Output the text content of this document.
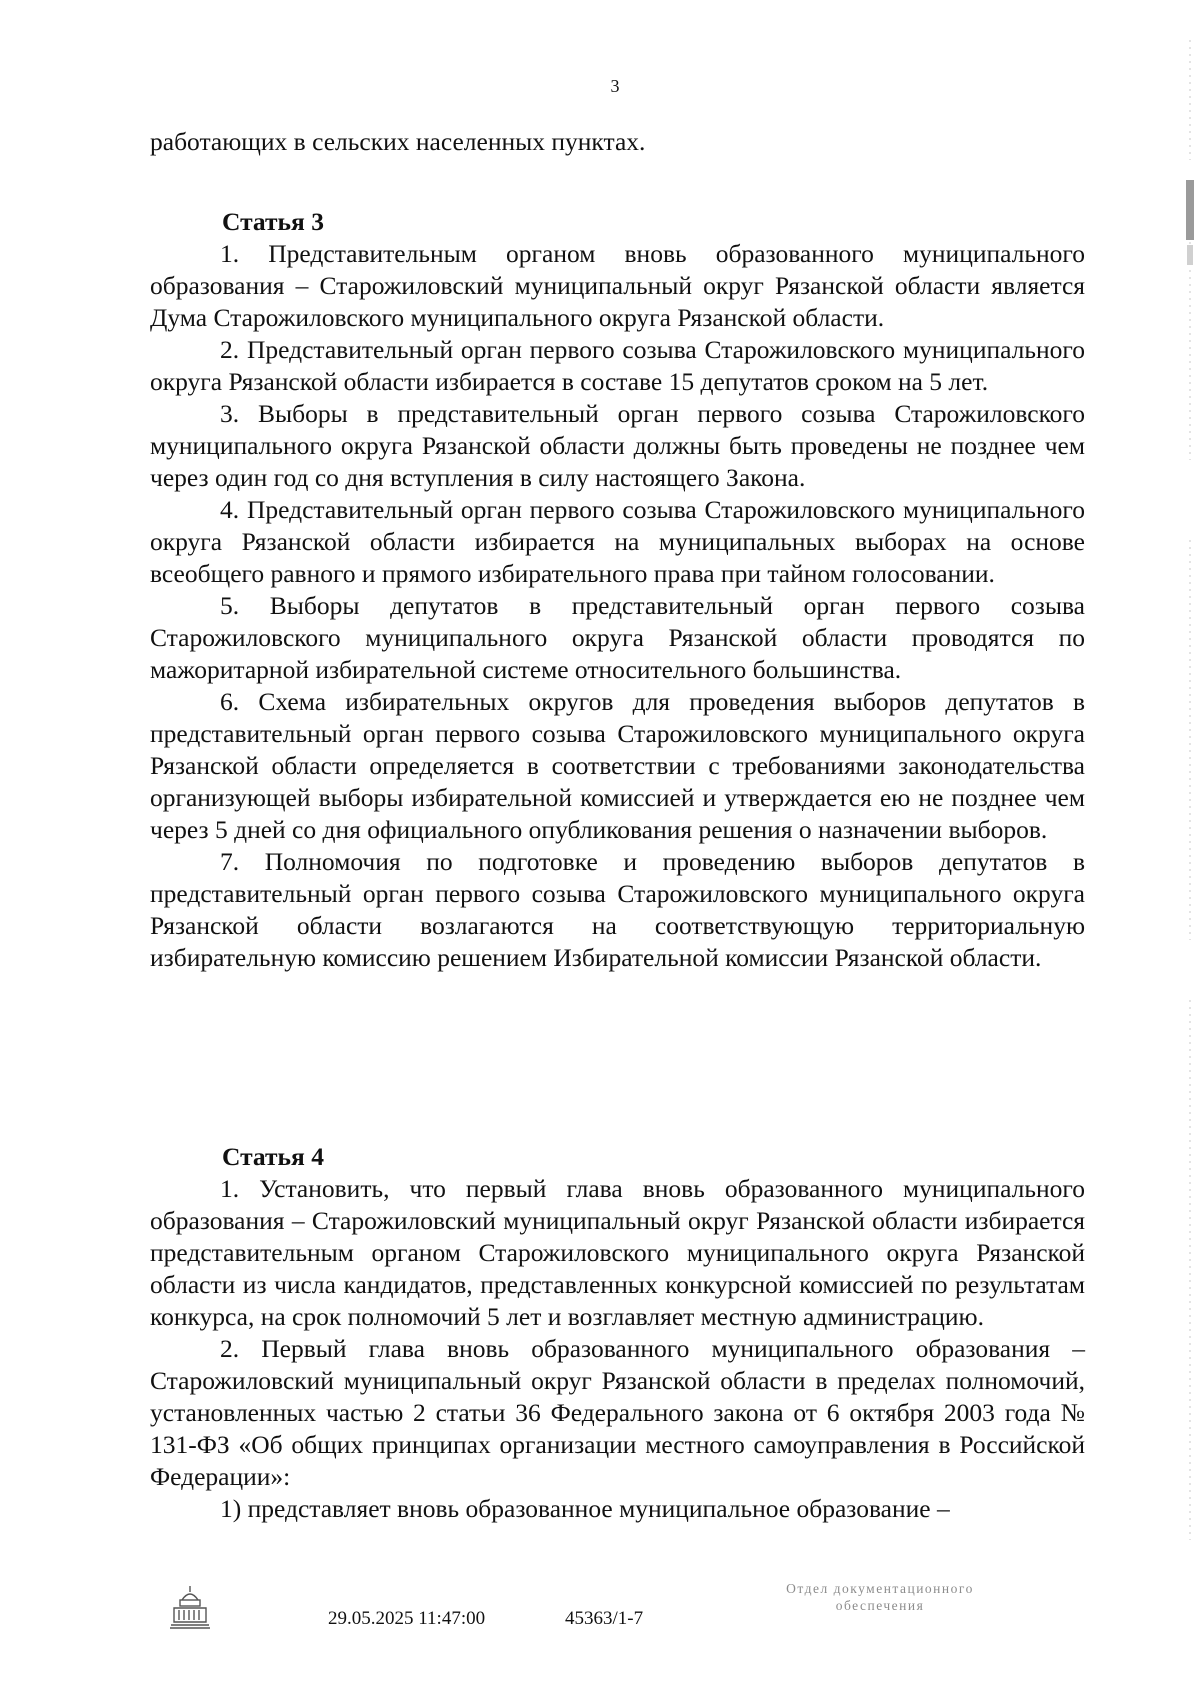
3

работающих в сельских населенных пунктах.

Статья 3

1. Представительным органом вновь образованного муниципального образования – Старожиловский муниципальный округ Рязанской области является Дума Старожиловского муниципального округа Рязанской области.

2. Представительный орган первого созыва Старожиловского муниципального округа Рязанской области избирается в составе 15 депутатов сроком на 5 лет.

3. Выборы в представительный орган первого созыва Старожиловского муниципального округа Рязанской области должны быть проведены не позднее чем через один год со дня вступления в силу настоящего Закона.

4. Представительный орган первого созыва Старожиловского муниципального округа Рязанской области избирается на муниципальных выборах на основе всеобщего равного и прямого избирательного права при тайном голосовании.

5. Выборы депутатов в представительный орган первого созыва Старожиловского муниципального округа Рязанской области проводятся по мажоритарной избирательной системе относительного большинства.

6. Схема избирательных округов для проведения выборов депутатов в представительный орган первого созыва Старожиловского муниципального округа Рязанской области определяется в соответствии с требованиями законодательства организующей выборы избирательной комиссией и утверждается ею не позднее чем через 5 дней со дня официального опубликования решения о назначении выборов.

7. Полномочия по подготовке и проведению выборов депутатов в представительный орган первого созыва Старожиловского муниципального округа Рязанской области возлагаются на соответствующую территориальную избирательную комиссию решением Избирательной комиссии Рязанской области.

Статья 4

1. Установить, что первый глава вновь образованного муниципального образования – Старожиловский муниципальный округ Рязанской области избирается представительным органом Старожиловского муниципального округа Рязанской области из числа кандидатов, представленных конкурсной комиссией по результатам конкурса, на срок полномочий 5 лет и возглавляет местную администрацию.

2. Первый глава вновь образованного муниципального образования – Старожиловский муниципальный округ Рязанской области в пределах полномочий, установленных частью 2 статьи 36 Федерального закона от 6 октября 2003 года № 131-ФЗ «Об общих принципах организации местного самоуправления в Российской Федерации»:

1) представляет вновь образованное муниципальное образование –

29.05.2025 11:47:00	45363/1-7
Отдел документационного
обеспечения
